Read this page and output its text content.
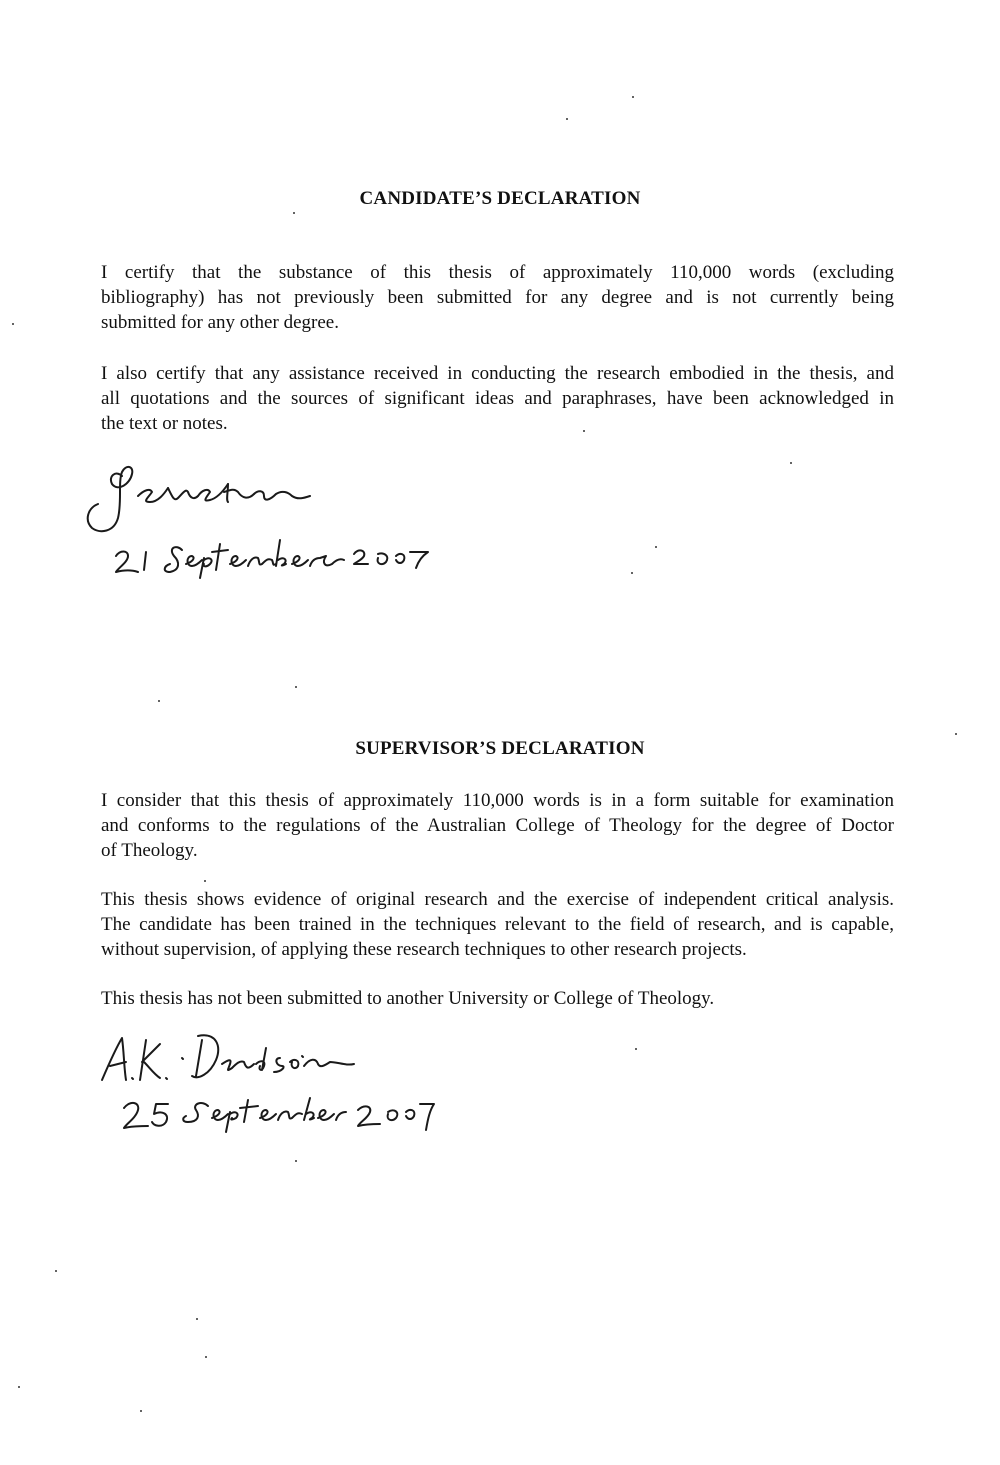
CANDIDATE’S DECLARATION
I certify that the substance of this thesis of approximately 110,000 words (excluding
bibliography) has not previously been submitted for any degree and is not currently being
submitted for any other degree.
I also certify that any assistance received in conducting the research embodied in the thesis, and
all quotations and the sources of significant ideas and paraphrases, have been acknowledged in
the text or notes.
SUPERVISOR’S DECLARATION
I consider that this thesis of approximately 110,000 words is in a form suitable for examination
and conforms to the regulations of the Australian College of Theology for the degree of Doctor
of Theology.
This thesis shows evidence of original research and the exercise of independent critical analysis.
The candidate has been trained in the techniques relevant to the field of research, and is capable,
without supervision, of applying these research techniques to other research projects.
This thesis has not been submitted to another University or College of Theology.
